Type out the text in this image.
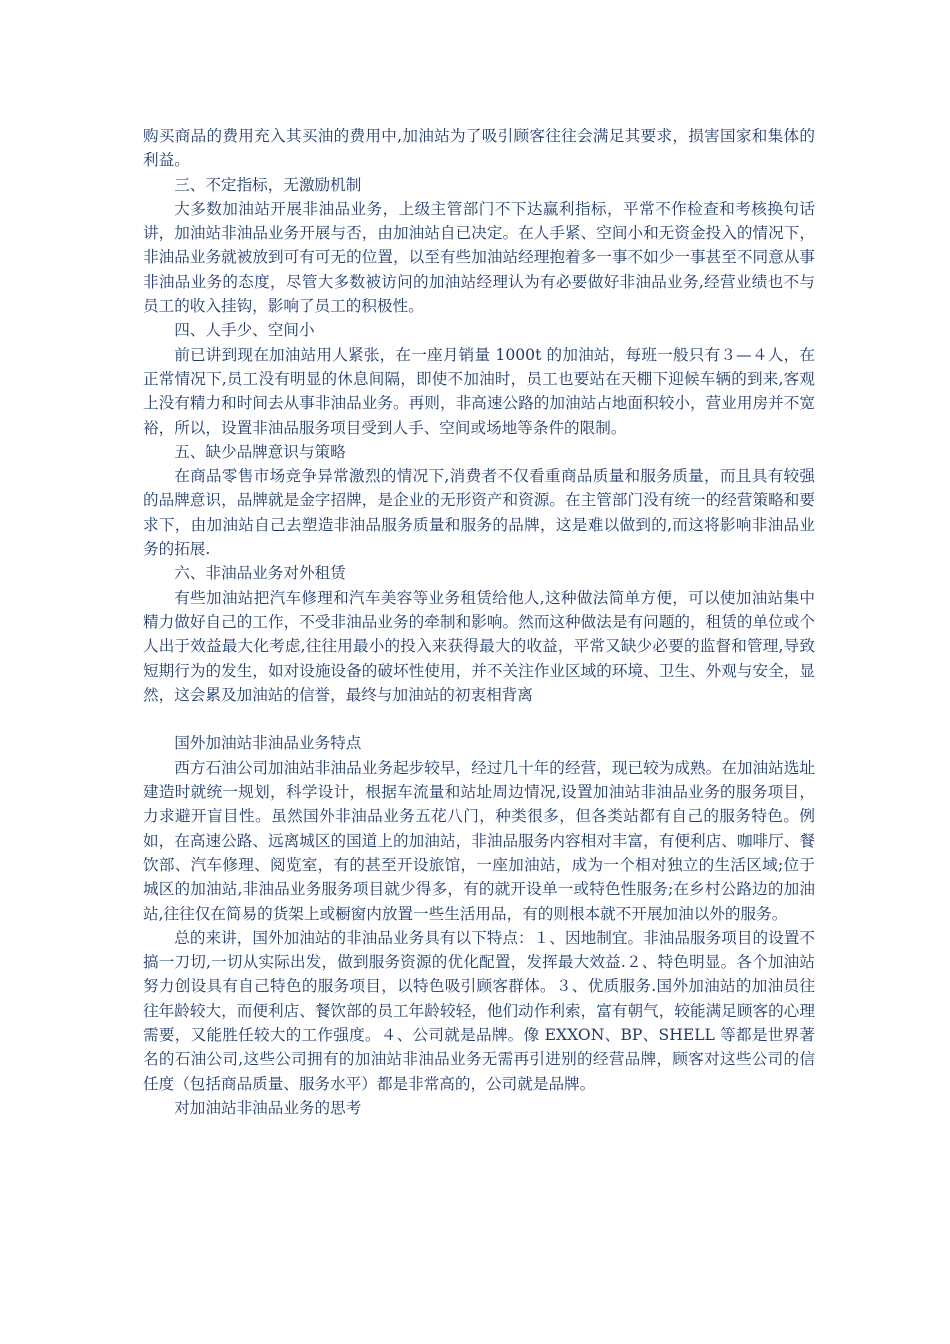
购买商品的费用充入其买油的费用中,加油站为了吸引顾客往往会满足其要求，损害国家和集体的利益。

三、不定指标，无激励机制

大多数加油站开展非油品业务，上级主管部门不下达赢利指标，平常不作检查和考核换句话讲，加油站非油品业务开展与否，由加油站自已决定。在人手紧、空间小和无资金投入的情况下，非油品业务就被放到可有可无的位置，以至有些加油站经理抱着多一事不如少一事甚至不同意从事非油品业务的态度，尽管大多数被访问的加油站经理认为有必要做好非油品业务,经营业绩也不与员工的收入挂钩，影响了员工的积极性。

四、人手少、空间小

前已讲到现在加油站用人紧张，在一座月销量 1000t 的加油站，每班一般只有３—４人，在正常情况下,员工没有明显的休息间隔，即使不加油时，员工也要站在天棚下迎候车辆的到来,客观上没有精力和时间去从事非油品业务。再则，非高速公路的加油站占地面积较小，营业用房并不宽裕，所以，设置非油品服务项目受到人手、空间或场地等条件的限制。

五、缺少品牌意识与策略

在商品零售市场竞争异常激烈的情况下,消费者不仅看重商品质量和服务质量，而且具有较强的品牌意识，品牌就是金字招牌，是企业的无形资产和资源。在主管部门没有统一的经营策略和要求下，由加油站自己去塑造非油品服务质量和服务的品牌，这是难以做到的,而这将影响非油品业务的拓展.

六、非油品业务对外租赁

有些加油站把汽车修理和汽车美容等业务租赁给他人,这种做法简单方便，可以使加油站集中精力做好自己的工作，不受非油品业务的牵制和影响。然而这种做法是有问题的，租赁的单位或个人出于效益最大化考虑,往往用最小的投入来获得最大的收益，平常又缺少必要的监督和管理,导致短期行为的发生，如对设施设备的破坏性使用，并不关注作业区域的环境、卫生、外观与安全，显然，这会累及加油站的信誉，最终与加油站的初衷相背离

国外加油站非油品业务特点

西方石油公司加油站非油品业务起步较早，经过几十年的经营，现已较为成熟。在加油站选址建造时就统一规划，科学设计，根据车流量和站址周边情况,设置加油站非油品业务的服务项目，力求避开盲目性。虽然国外非油品业务五花八门，种类很多，但各类站都有自己的服务特色。例如，在高速公路、远离城区的国道上的加油站，非油品服务内容相对丰富，有便利店、咖啡厅、餐饮部、汽车修理、阅览室，有的甚至开设旅馆，一座加油站，成为一个相对独立的生活区域;位于城区的加油站,非油品业务服务项目就少得多，有的就开设单一或特色性服务;在乡村公路边的加油站,往往仅在简易的货架上或橱窗内放置一些生活用品，有的则根本就不开展加油以外的服务。

总的来讲，国外加油站的非油品业务具有以下特点：１、因地制宜。非油品服务项目的设置不搞一刀切,一切从实际出发，做到服务资源的优化配置，发挥最大效益.２、特色明显。各个加油站努力创设具有自己特色的服务项目，以特色吸引顾客群体。３、优质服务.国外加油站的加油员往往年龄较大，而便利店、餐饮部的员工年龄较轻，他们动作利索，富有朝气，较能满足顾客的心理需要，又能胜任较大的工作强度。４、公司就是品牌。像 EXXON、BP、SHELL 等都是世界著名的石油公司,这些公司拥有的加油站非油品业务无需再引进别的经营品牌，顾客对这些公司的信任度（包括商品质量、服务水平）都是非常高的，公司就是品牌。

对加油站非油品业务的思考
